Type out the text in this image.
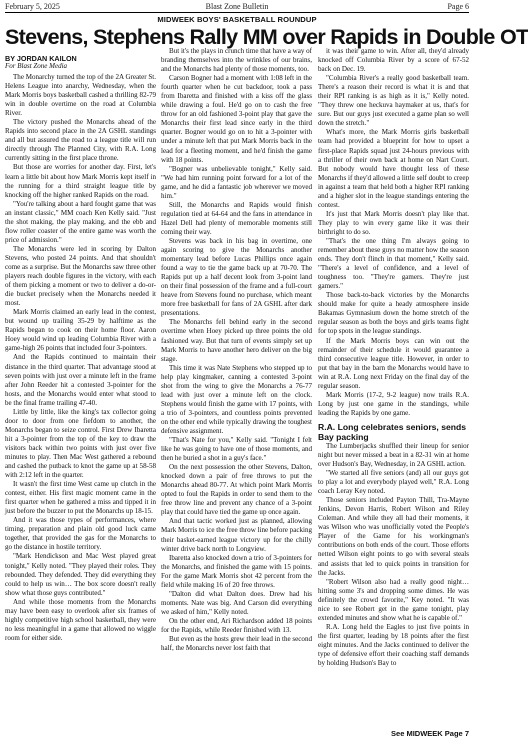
February 5, 2025	Blast Zone Bulletin	Page 6
MIDWEEK BOYS' BASKETBALL ROUNDUP
Stevens, Stephens Rally MM over Rapids in Double OT
BY JORDAN KAILON
For Blast Zone Media

The Monarchy turned the top of the 2A Greater St. Helens League into anarchy, Wednesday, when the Mark Morris boys basketball cashed a thrilling 82-79 win in double overtime on the road at Columbia River.

The victory pushed the Monarchs ahead of the Rapids into second place in the 2A GSHL standings and all but assured the road to a league title will run directly through The Planned City, with R.A. Long currently sitting in the first place throne.

But those are worries for another day. First, let's learn a little bit about how Mark Morris kept itself in the running for a third straight league title by knocking off the higher ranked Rapids on the road.

"You're talking about a hard fought game that was an instant classic," MM coach Ken Kelly said. "Just the shot making, the play making, and the ebb and flow roller coaster of the entire game was worth the price of admission."

The Monarchs were led in scoring by Dalton Stevens, who posted 24 points. And that shouldn't come as a surprise. But the Monarchs saw three other players reach double figures in the victory, with each of them picking a moment or two to deliver a do-or-die bucket precisely when the Monarchs needed it most.

Mark Morris claimed an early lead in the contest, but wound up trailing 35-29 by halftime as the Rapids began to cook on their home floor. Aaron Hoey would wind up leading Columbia River with a game-high 26 points that included four 3-pointers.

And the Rapids continued to maintain their distance in the third quarter. That advantage stood at seven points with just over a minute left in the frame after John Reeder hit a contested 3-pointer for the hosts, and the Monarchs would enter what stood to be the final frame trailing 47-40.

Little by little, like the king's tax collector going door to door from one fiefdom to another, the Monarchs began to seize control. First Drew Ibaretta hit a 3-pointer from the top of the key to draw the visitors back within two points with just over five minutes to play. Then Mac West gathered a rebound and cashed the putback to knot the game up at 58-58 with 2:12 left in the quarter.

It wasn't the first time West came up clutch in the contest, either. His first magic moment came in the first quarter when he gathered a miss and tipped it in just before the buzzer to put the Monarchs up 18-15.

And it was those types of performances, where timing, preparation and plain old good luck came together, that provided the gas for the Monarchs to go the distance in hostile territory.

"Mark Hendickson and Mac West played great tonight," Kelly noted. "They played their roles. They rebounded. They defended. They did everything they could to help us win… The box score doesn't really show what those guys contributed."

And while those moments from the Monarchs may have been easy to overlook after six frames of highly competitive high school basketball, they were no less meaningful in a game that allowed no wiggle room for either side.

But it's the plays in crunch time that have a way of branding themselves into the wrinkles of our brains, and the Monarchs had plenty of those moments, too.

Carson Bogner had a moment with 1:08 left in the fourth quarter when he cut backdoor, took a pass from Ibaretta and finished with a kiss off the glass while drawing a foul. He'd go on to cash the free throw for an old fashioned 3-point play that gave the Monarchs their first lead since early in the third quarter. Bogner would go on to hit a 3-pointer with under a minute left that put Mark Morris back in the lead for a fleeting moment, and he'd finish the game with 18 points.

"Bogner was unbelievable tonight," Kelly said. "We had him running point forward for a lot of the game, and he did a fantastic job wherever we moved him."

Still, the Monarchs and Rapids would finish regulation tied at 64-64 and the fans in attendance in Hazel Dell had plenty of memorable moments still coming their way.

Stevens was back in his bag in overtime, one again scoring to give the Monarchs another momentary lead before Lucas Phillips once again found a way to tie the game back up at 70-70. The Rapids put up a half decent look from 3-point land on their final possession of the frame and a full-court heave from Stevens found no purchase, which meant more free basketball for fans of 2A GSHL after dark presentations.

The Monarchs fell behind early in the second overtime when Hoey picked up three points the old fashioned way. But that turn of events simply set up Mark Morris to have another hero deliver on the big stage.

This time it was Nate Stephens who stepped up to help play kingmaker, canning a contested 3-point shot from the wing to give the Monarchs a 76-77 lead with just over a minute left on the clock. Stephens would finish the game with 17 points, with a trio of 3-pointers, and countless points prevented on the other end while typically drawing the toughest defensive assignment.

"That's Nate for you," Kelly said. "Tonight I felt like he was going to have one of those moments, and then he buried a shot in a guy's face."

On the next possession the other Stevens, Dalton, knocked down a pair of free throws to put the Monarchs ahead 80-77. At which point Mark Morris opted to foul the Rapids in order to send them to the free throw line and prevent any chance of a 3-point play that could have tied the game up once again.

And that tactic worked just as planned, allowing Mark Morris to ice the free throw line before packing their basket-earned league victory up for the chilly winter drive back north to Longview.

Ibaretta also knocked down a trio of 3-pointers for the Monarchs, and finished the game with 15 points. For the game Mark Morris shot 42 percent from the field while making 16 of 20 free throws.

"Dalton did what Dalton does. Drew had his moments. Nate was big. And Carson did everything we asked of him," Kelly noted.

On the other end, Ari Richardson added 18 points for the Rapids, while Reeder finished with 13.

But even as the hosts grew their lead in the second half, the Monarchs never lost faith that

it was their game to win. After all, they'd already knocked off Columbia River by a score of 67-52 back on Dec. 19.

"Columbia River's a really good basketball team. There's a reason their record is what it is and that their RPI ranking is as high as it is," Kelly noted. "They threw one heckuva haymaker at us, that's for sure. But our guys just executed a game plan so well down the stretch."

What's more, the Mark Morris girls basketball team had provided a blueprint for how to upset a first-place Rapids squad just 24-hours previous with a thriller of their own back at home on Nart Court. But nobody would have thought less of these Monarchs if they'd allowed a little self doubt to creep in against a team that held both a higher RPI ranking and a higher slot in the league standings entering the contest.

It's just that Mark Morris doesn't play like that. They play to win every game like it was their birthright to do so.

"That's the one thing I'm always going to remember about these guys no matter how the season ends. They don't flinch in that moment," Kelly said. "There's a level of confidence, and a level of toughness too. "They're gamers. They're just gamers."

Those back-to-back victories by the Monarchs should make for quite a heady atmosphere inside Bakamas Gymnasium down the home stretch of the regular season as both the boys and girls teams fight for top spots in the league standings.

If the Mark Morris boys can win out the remainder of their schedule it would guarantee a third consecutive league title. However, in order to put that bay in the barn the Monarchs would have to win at R.A. Long next Friday on the final day of the regular season.

Mark Morris (17-2, 9-2 league) now trails R.A. Long by just one game in the standings, while leading the Rapids by one game.

R.A. Long celebrates seniors, sends Bay packing

The Lumberjacks shuffled their lineup for senior night but never missed a beat in a 82-31 win at home over Hudson's Bay, Wednesday, in 2A GSHL action.

"We started all five seniors (and) all our guys got to play a lot and everybody played well," R.A. Long coach Leray Key noted.

Those seniors included Payton Thill, Tra-Mayne Jenkins, Devon Harris, Robert Wilson and Riley Coleman. And while they all had their moments, it was Wilson who was unofficially voted the People's Player of the Game for his workingman's contributions on both ends of the court. Those efforts netted Wilson eight points to go with several steals and assists that led to quick points in transition for the Jacks.

"Robert Wilson also had a really good night… hitting some 3's and dropping some dimes. He was definitely the crowd favorite," Key noted. "It was nice to see Robert get in the game tonight, play extended minutes and show what he is capable of."

R.A. Long held the Eagles to just five points in the first quarter, leading by 18 points after the first eight minutes. And the Jacks continued to deliver the type of defensive effort their coaching staff demands by holding Hudson's Bay to

See MIDWEEK Page 7
